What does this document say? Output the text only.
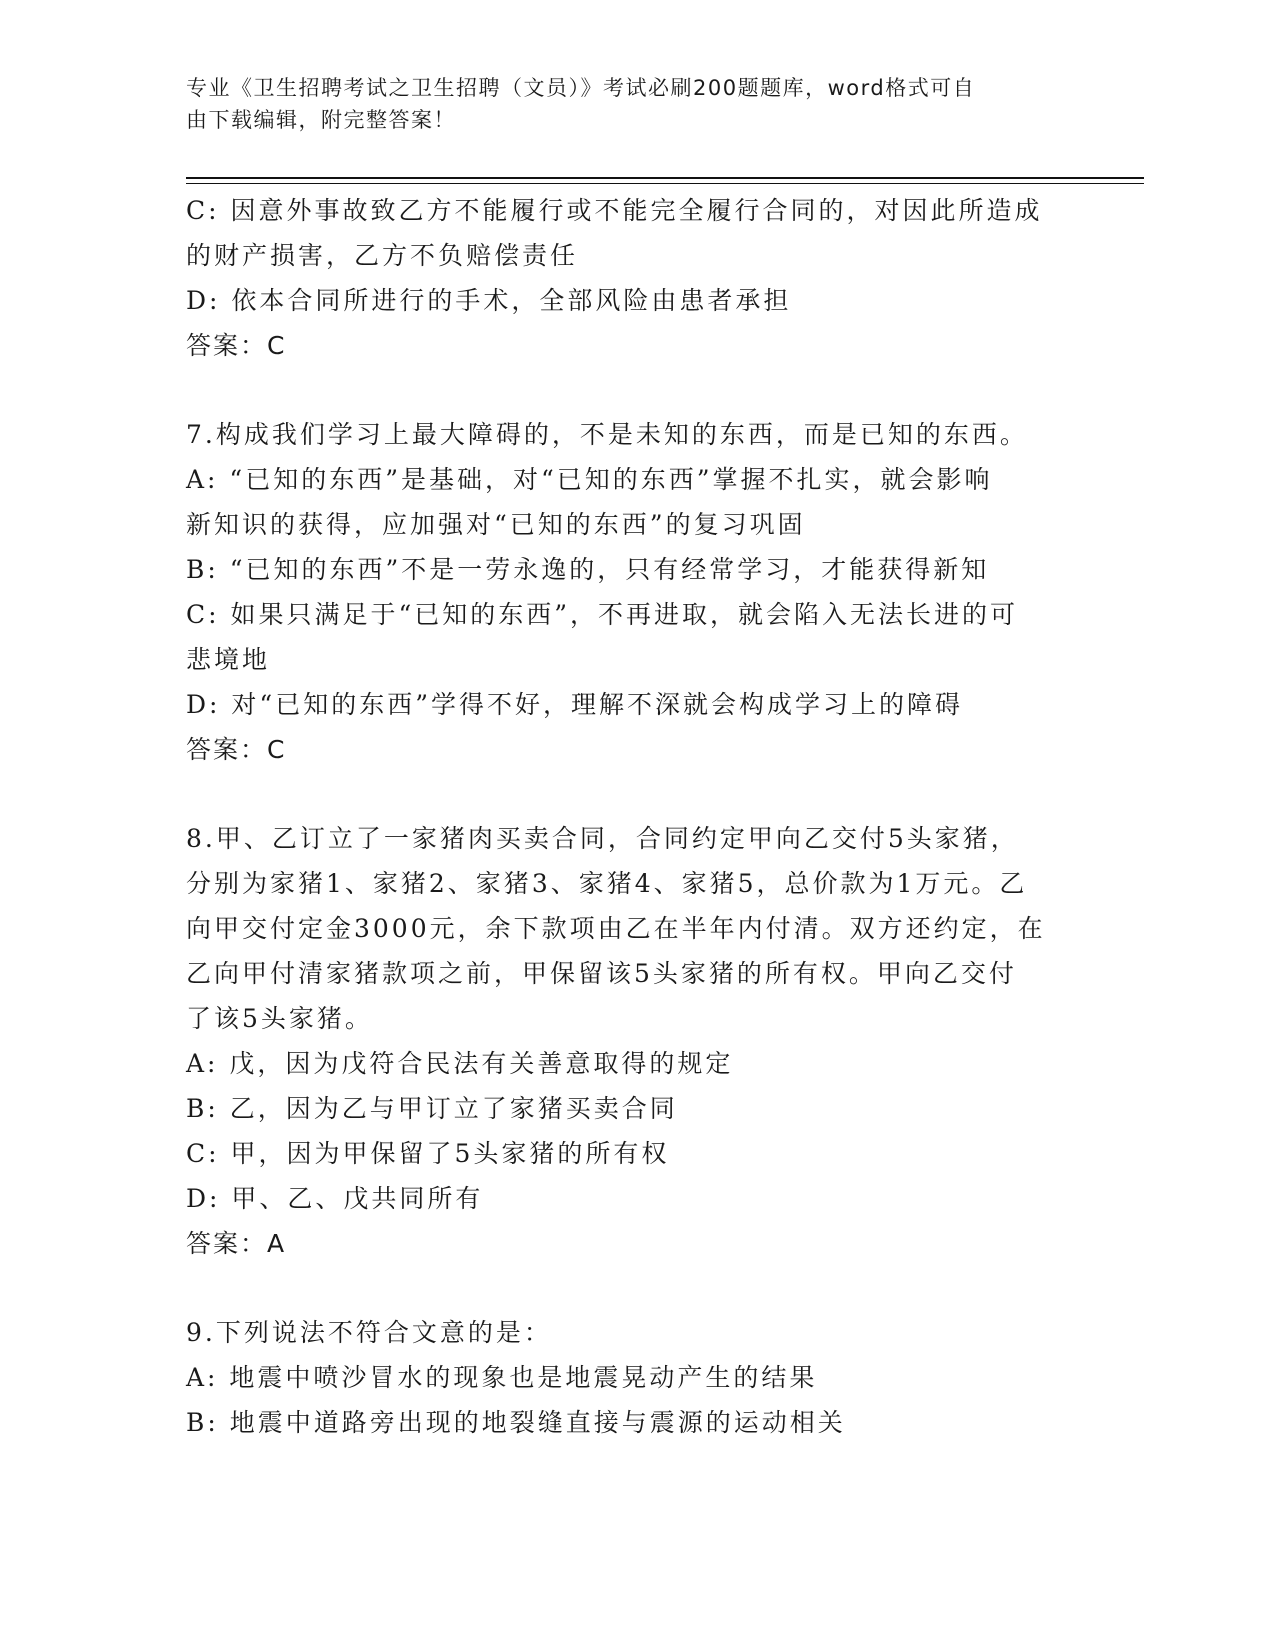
专业《卫生招聘考试之卫生招聘（文员）》考试必刷200题题库，word格式可自
由下载编辑，附完整答案！
C: 因意外事故致乙方不能履行或不能完全履行合同的，对因此所造成
的财产损害，乙方不负赔偿责任
D: 依本合同所进行的手术，全部风险由患者承担
答案：C
7.构成我们学习上最大障碍的，不是未知的东西，而是已知的东西。
A: “已知的东西”是基础，对“已知的东西”掌握不扎实，就会影响
新知识的获得，应加强对“已知的东西”的复习巩固
B: “已知的东西”不是一劳永逸的，只有经常学习，才能获得新知
C: 如果只满足于“已知的东西”，不再进取，就会陷入无法长进的可
悲境地
D: 对“已知的东西”学得不好，理解不深就会构成学习上的障碍
答案：C
8.甲、乙订立了一家猪肉买卖合同，合同约定甲向乙交付5头家猪，
分别为家猪1、家猪2、家猪3、家猪4、家猪5，总价款为1万元。乙
向甲交付定金3000元，余下款项由乙在半年内付清。双方还约定，在
乙向甲付清家猪款项之前，甲保留该5头家猪的所有权。甲向乙交付
了该5头家猪。
A: 戊，因为戊符合民法有关善意取得的规定
B: 乙，因为乙与甲订立了家猪买卖合同
C: 甲，因为甲保留了5头家猪的所有权
D: 甲、乙、戊共同所有
答案：A
9.下列说法不符合文意的是：
A: 地震中喷沙冒水的现象也是地震晃动产生的结果
B: 地震中道路旁出现的地裂缝直接与震源的运动相关
